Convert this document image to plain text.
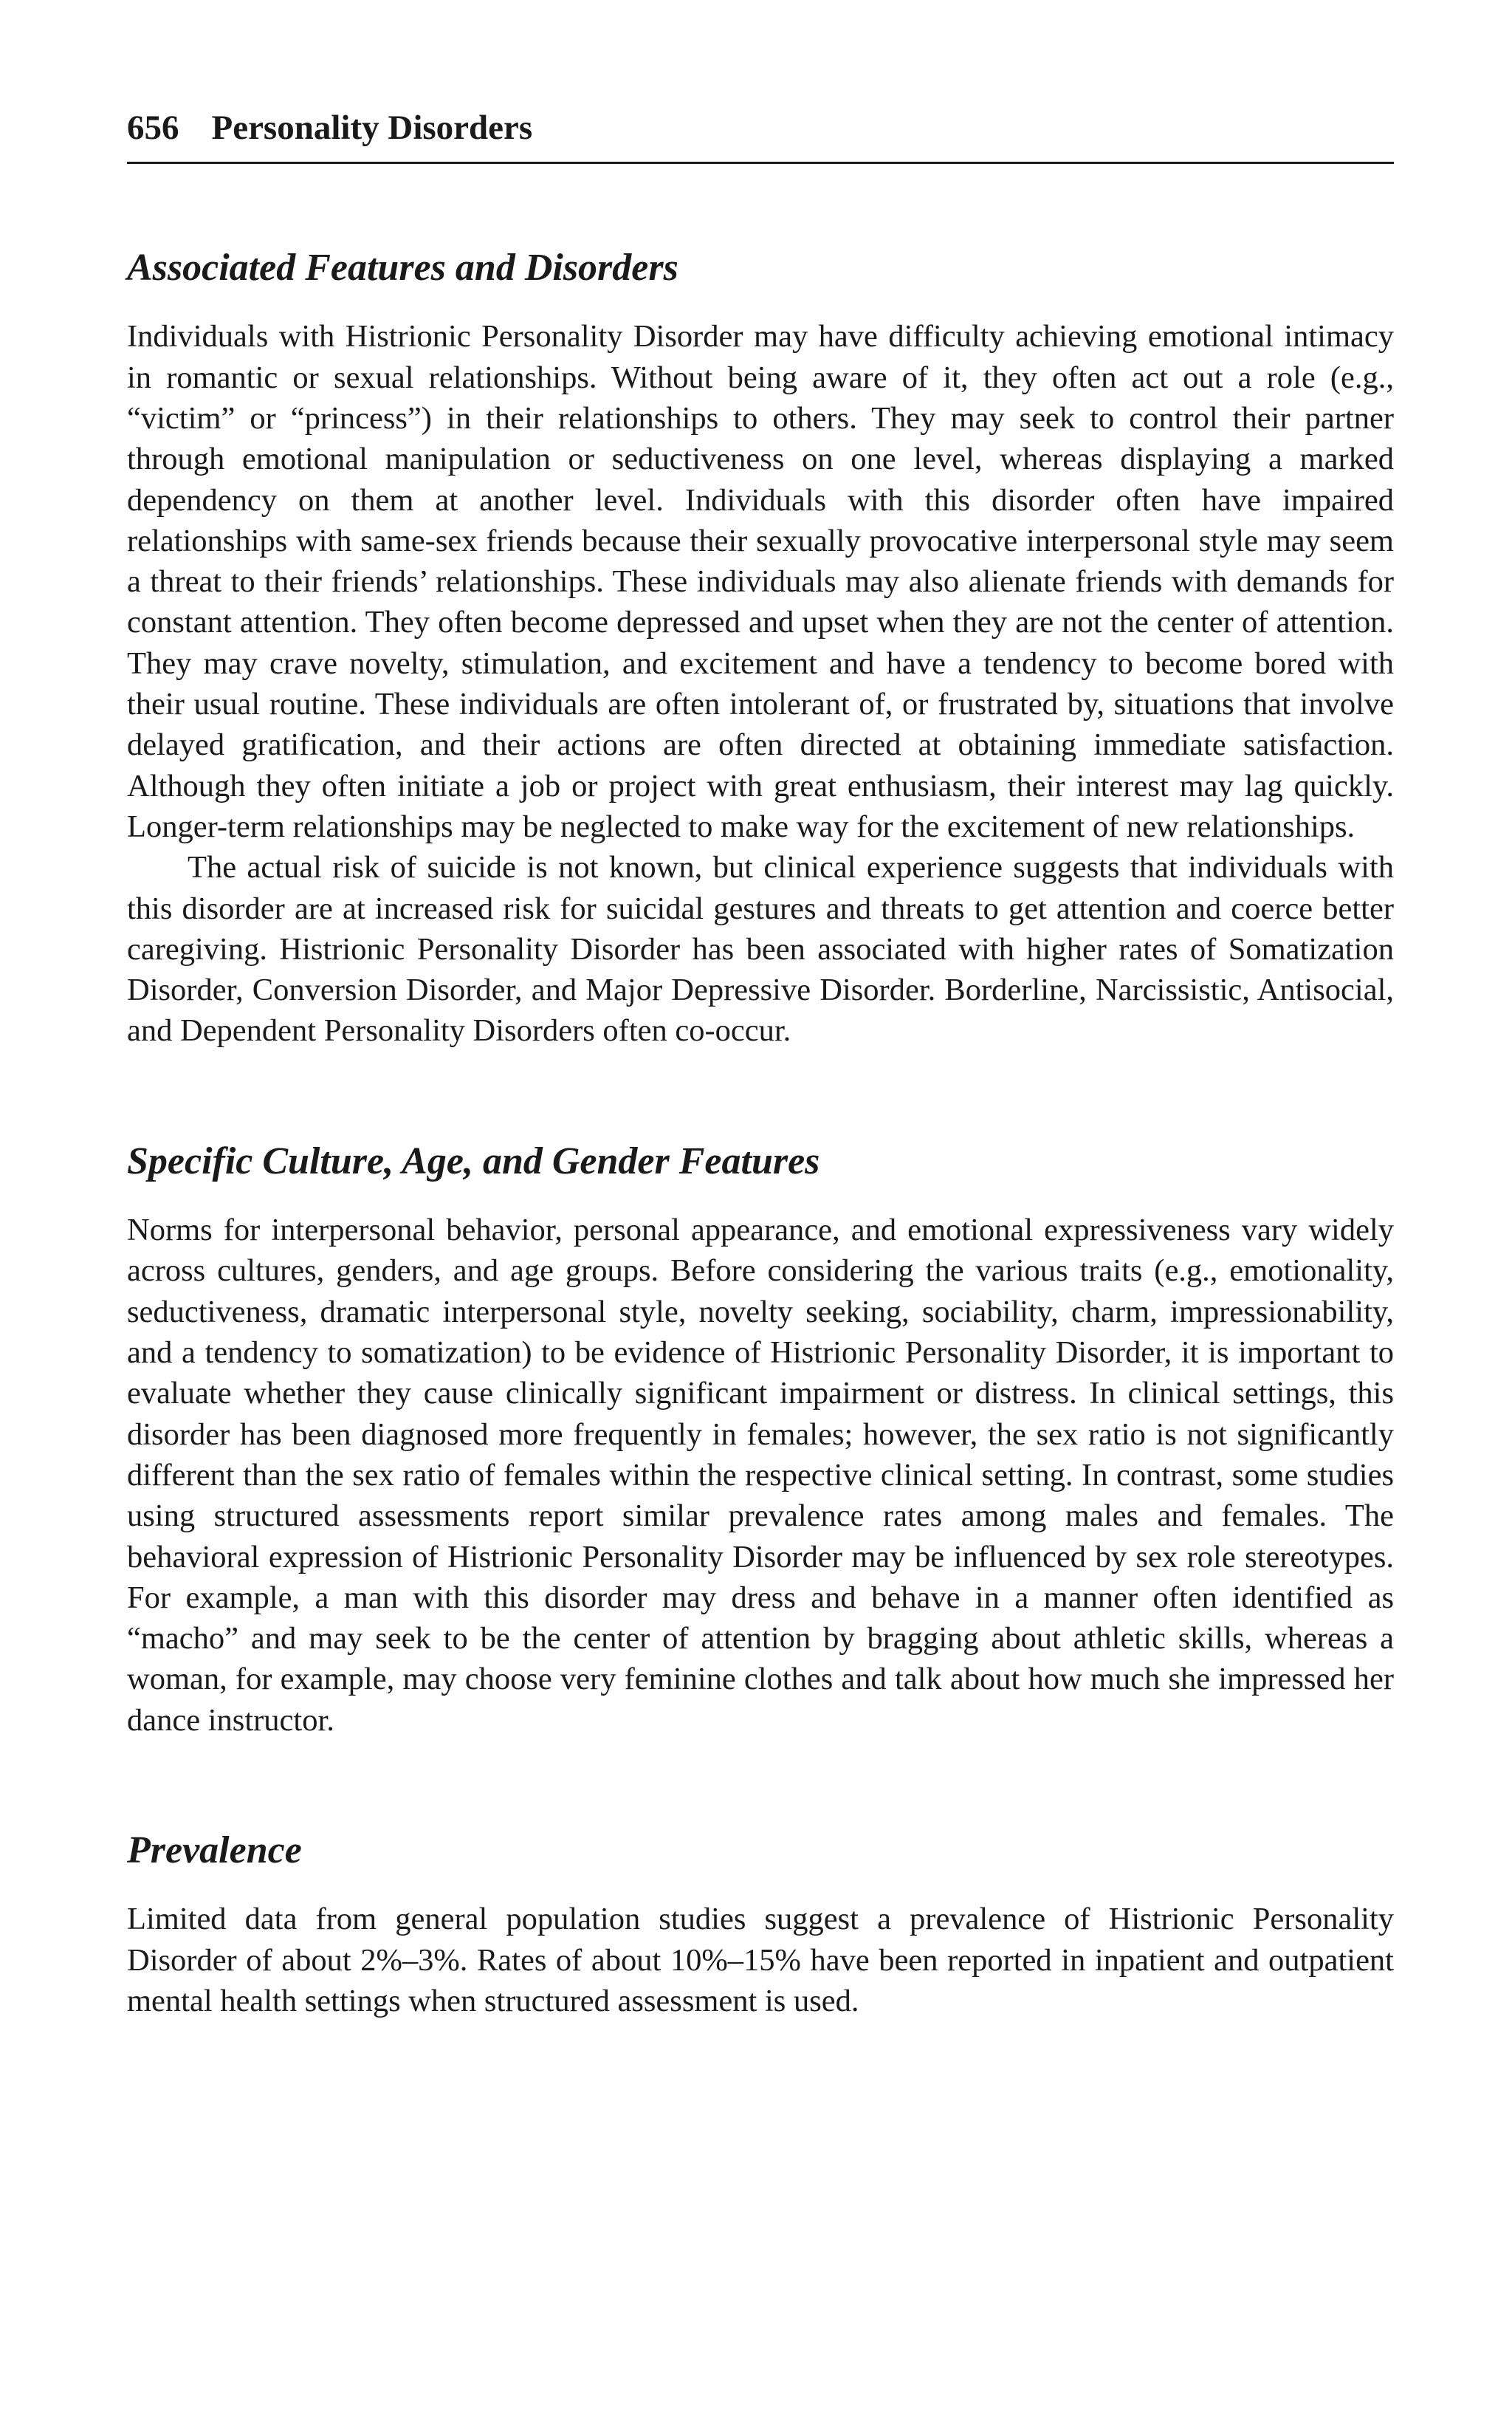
656 Personality Disorders
Associated Features and Disorders

Individuals with Histrionic Personality Disorder may have difficulty achieving emotional intimacy in romantic or sexual relationships. Without being aware of it, they often act out a role (e.g., “victim” or “princess”) in their relationships to others. They may seek to control their partner through emotional manipulation or seductiveness on one level, whereas displaying a marked dependency on them at another level. Individuals with this disorder often have impaired relationships with same-sex friends because their sexually provocative interpersonal style may seem a threat to their friends’ relationships. These individuals may also alienate friends with demands for constant attention. They often become depressed and upset when they are not the center of attention. They may crave novelty, stimulation, and excitement and have a tendency to become bored with their usual routine. These individuals are often intolerant of, or frustrated by, situations that involve delayed gratification, and their actions are often directed at obtaining immediate satisfaction. Although they often initiate a job or project with great enthusiasm, their interest may lag quickly. Longer-term relationships may be neglected to make way for the excitement of new relationships.

The actual risk of suicide is not known, but clinical experience suggests that individuals with this disorder are at increased risk for suicidal gestures and threats to get attention and coerce better caregiving. Histrionic Personality Disorder has been associated with higher rates of Somatization Disorder, Conversion Disorder, and Major Depressive Disorder. Borderline, Narcissistic, Antisocial, and Dependent Personality Disorders often co-occur.

Specific Culture, Age, and Gender Features

Norms for interpersonal behavior, personal appearance, and emotional expressiveness vary widely across cultures, genders, and age groups. Before considering the various traits (e.g., emotionality, seductiveness, dramatic interpersonal style, novelty seeking, sociability, charm, impressionability, and a tendency to somatization) to be evidence of Histrionic Personality Disorder, it is important to evaluate whether they cause clinically significant impairment or distress. In clinical settings, this disorder has been diagnosed more frequently in females; however, the sex ratio is not significantly different than the sex ratio of females within the respective clinical setting. In contrast, some studies using structured assessments report similar prevalence rates among males and females. The behavioral expression of Histrionic Personality Disorder may be influenced by sex role stereotypes. For example, a man with this disorder may dress and behave in a manner often identified as “macho” and may seek to be the center of attention by bragging about athletic skills, whereas a woman, for example, may choose very feminine clothes and talk about how much she impressed her dance instructor.

Prevalence

Limited data from general population studies suggest a prevalence of Histrionic Personality Disorder of about 2%–3%. Rates of about 10%–15% have been reported in inpatient and outpatient mental health settings when structured assessment is used.
